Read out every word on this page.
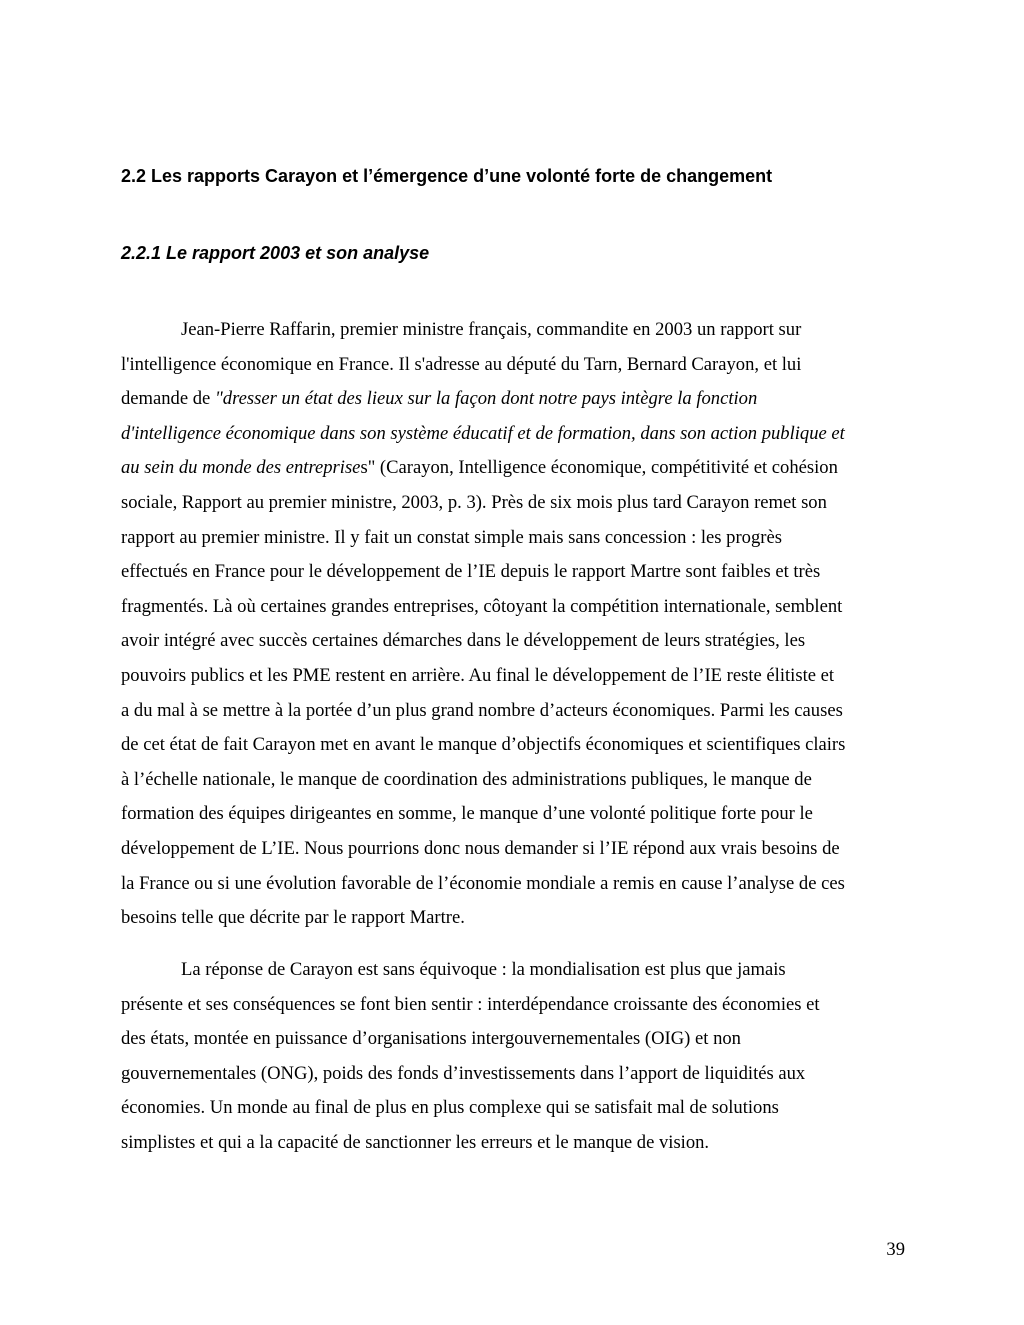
2.2 Les rapports Carayon et l’émergence d’une volonté forte de changement
2.2.1 Le rapport 2003 et son analyse
Jean-Pierre Raffarin, premier ministre français, commandite en 2003 un rapport sur
l'intelligence économique en France. Il s'adresse au député du Tarn, Bernard Carayon, et lui
demande de "dresser un état des lieux sur la façon dont notre pays intègre la fonction
d'intelligence économique dans son système éducatif et de formation, dans son action publique et
au sein du monde des entreprises" (Carayon, Intelligence économique, compétitivité et cohésion
sociale, Rapport au premier ministre, 2003, p. 3). Près de six mois plus tard Carayon remet son
rapport au premier ministre. Il y fait un constat simple mais sans concession : les progrès
effectués en France pour le développement de l’IE depuis le rapport Martre sont faibles et très
fragmentés. Là où certaines grandes entreprises, côtoyant la compétition internationale, semblent
avoir intégré avec succès certaines démarches dans le développement de leurs stratégies, les
pouvoirs publics et les PME restent en arrière. Au final le développement de l’IE reste élitiste et
a du mal à se mettre à la portée d’un plus grand nombre d’acteurs économiques. Parmi les causes
de cet état de fait Carayon met en avant le manque d’objectifs économiques et scientifiques clairs
à l’échelle nationale, le manque de coordination des administrations publiques, le manque de
formation des équipes dirigeantes en somme, le manque d’une volonté politique forte pour le
développement de L’IE. Nous pourrions donc nous demander si l’IE répond aux vrais besoins de
la France ou si une évolution favorable de l’économie mondiale a remis en cause l’analyse de ces
besoins telle que décrite par le rapport Martre.
La réponse de Carayon est sans équivoque : la mondialisation est plus que jamais
présente et ses conséquences se font bien sentir : interdépendance croissante des économies et
des états, montée en puissance d’organisations intergouvernementales (OIG) et non
gouvernementales (ONG), poids des fonds d’investissements dans l’apport de liquidités aux
économies. Un monde au final de plus en plus complexe qui se satisfait mal de solutions
simplistes et qui a la capacité de sanctionner les erreurs et le manque de vision.

39
